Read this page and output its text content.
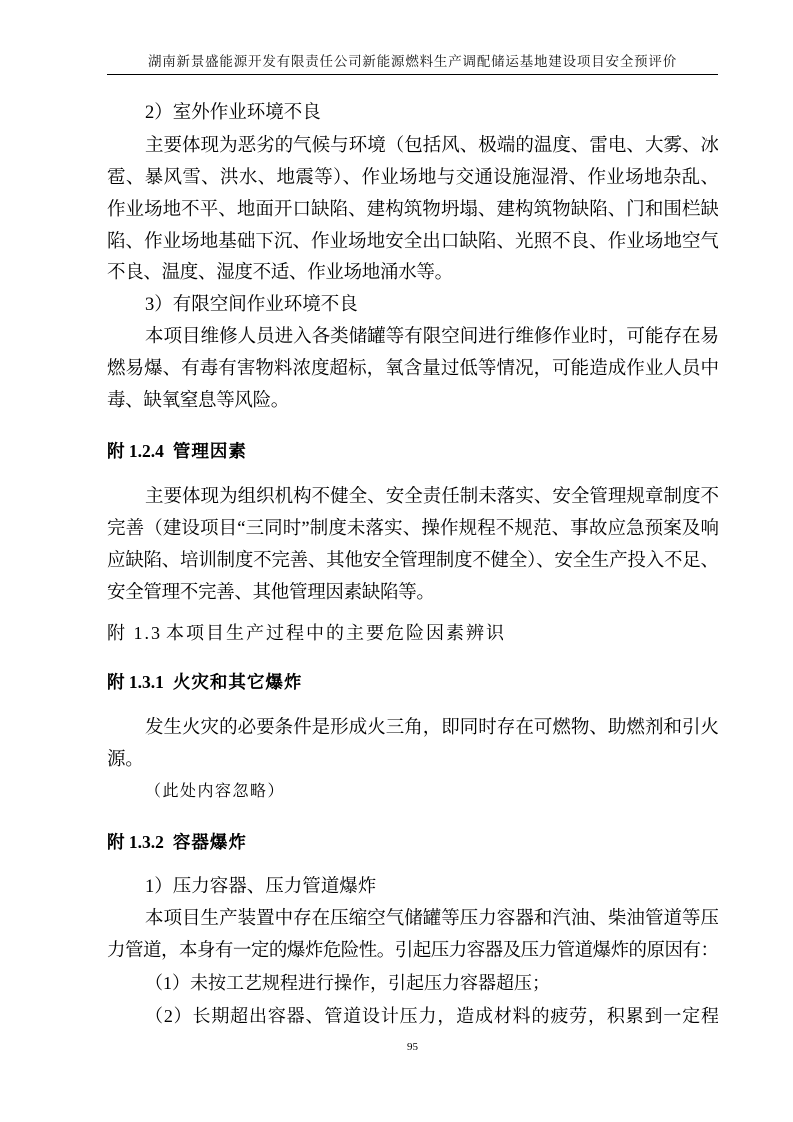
湖南新景盛能源开发有限责任公司新能源燃料生产调配储运基地建设项目安全预评价
2）室外作业环境不良
主要体现为恶劣的气候与环境（包括风、极端的温度、雷电、大雾、冰
雹、暴风雪、洪水、地震等）、作业场地与交通设施湿滑、作业场地杂乱、
作业场地不平、地面开口缺陷、建构筑物坍塌、建构筑物缺陷、门和围栏缺
陷、作业场地基础下沉、作业场地安全出口缺陷、光照不良、作业场地空气
不良、温度、湿度不适、作业场地涌水等。
3）有限空间作业环境不良
本项目维修人员进入各类储罐等有限空间进行维修作业时，可能存在易
燃易爆、有毒有害物料浓度超标，氧含量过低等情况，可能造成作业人员中
毒、缺氧窒息等风险。
附 1.2.4 管理因素
主要体现为组织机构不健全、安全责任制未落实、安全管理规章制度不
完善（建设项目“三同时”制度未落实、操作规程不规范、事故应急预案及响
应缺陷、培训制度不完善、其他安全管理制度不健全）、安全生产投入不足、
安全管理不完善、其他管理因素缺陷等。
附 1.3 本项目生产过程中的主要危险因素辨识
附 1.3.1 火灾和其它爆炸
发生火灾的必要条件是形成火三角，即同时存在可燃物、助燃剂和引火
源。
（此处内容忽略）
附 1.3.2 容器爆炸
1）压力容器、压力管道爆炸
本项目生产装置中存在压缩空气储罐等压力容器和汽油、柴油管道等压
力管道，本身有一定的爆炸危险性。引起压力容器及压力管道爆炸的原因有：
（1）未按工艺规程进行操作，引起压力容器超压；
（2）长期超出容器、管道设计压力，造成材料的疲劳，积累到一定程
95
